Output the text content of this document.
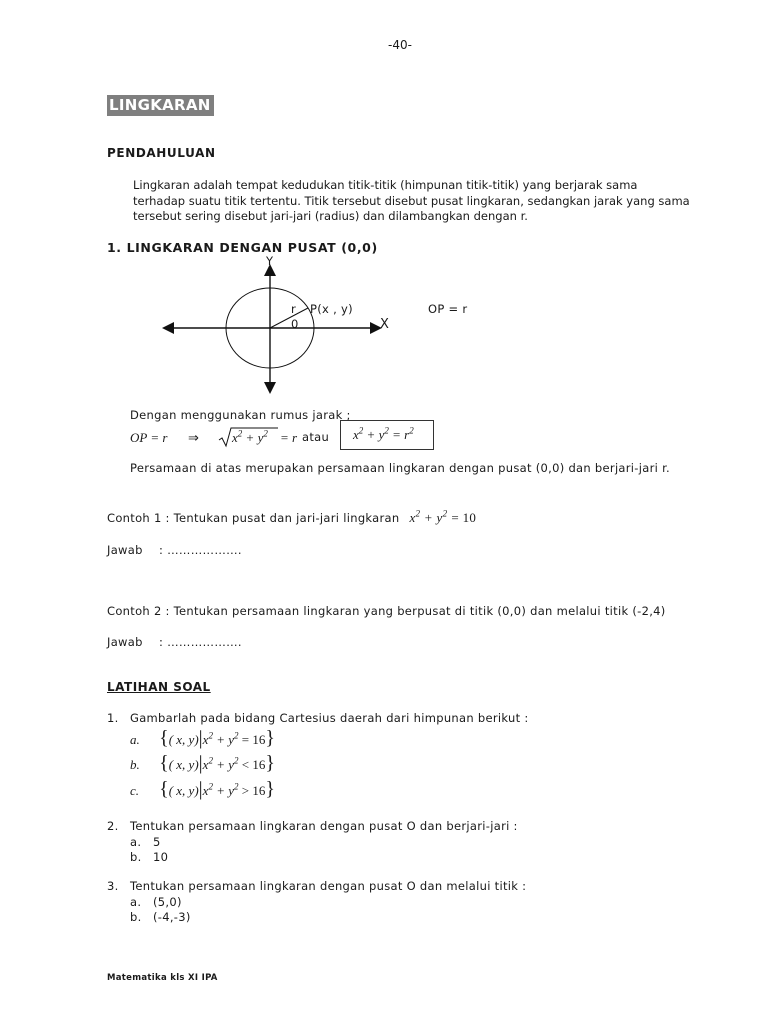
-40-
LINGKARAN
PENDAHULUAN
Lingkaran adalah tempat kedudukan titik-titik (himpunan titik-titik) yang berjarak sama terhadap suatu titik tertentu. Titik tersebut disebut pusat lingkaran, sedangkan jarak yang sama tersebut sering disebut jari-jari (radius) dan dilambangkan dengan r.
1. LINGKARAN DENGAN PUSAT (0,0)
Y
X
r P(x , y)
0
OP = r
Dengan menggunakan rumus jarak ;
OP = r ⇒	$x^2 + y^2 = r$ atau $x^2 + y^2 = r^2$
Persamaan di atas merupakan persamaan lingkaran dengan pusat (0,0) dan berjari-jari r.
Contoh 1 : Tentukan pusat dan jari-jari lingkaran $x^2 + y^2 = 10$
Jawab : ……………….
Contoh 2 : Tentukan persamaan lingkaran yang berpusat di titik (0,0) dan melalui titik (-2,4)
Jawab : ……………….
LATIHAN SOAL
1. Gambarlah pada bidang Cartesius daerah dari himpunan berikut :
a. {( x, $y)|x^2 + y^2 = 16$}
b. {( x, $y)|x^2 + y^2 < 16$}
c. {( x, $y)|x^2 + y^2 > 16$}
2. Tentukan persamaan lingkaran dengan pusat O dan berjari-jari :
a. 5
b. 10
3. Tentukan persamaan lingkaran dengan pusat O dan melalui titik :
a. (5,0)
b. (-4,-3)
Matematika kls XI IPA
